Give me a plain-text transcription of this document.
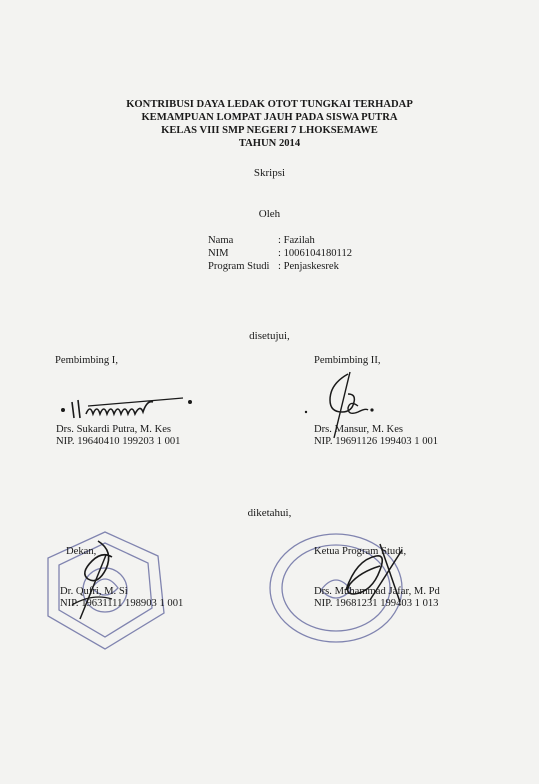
KONTRIBUSI DAYA LEDAK OTOT TUNGKAI TERHADAP
KEMAMPUAN LOMPAT JAUH PADA SISWA PUTRA
KELAS VIII SMP NEGERI 7 LHOKSEMAWE
TAHUN 2014
Skripsi
Oleh
Nama	: Fazilah
NIM	: 1006104180112
Program Studi : Penjaskesrek
disetujui,
Pembimbing I,
Drs. Sukardi Putra, M. Kes
NIP. 19640410 199203 1 001
Pembimbing II,
Drs. Mansur, M. Kes
NIP. 19691126 199403 1 001
diketahui,
Dekan,
Dr. Qufri, M. Si
NIP. 19631111 198903 1 001
Ketua Program Studi,
Drs. Muhammad Jafar, M. Pd
NIP. 19681231 199403 1 013
